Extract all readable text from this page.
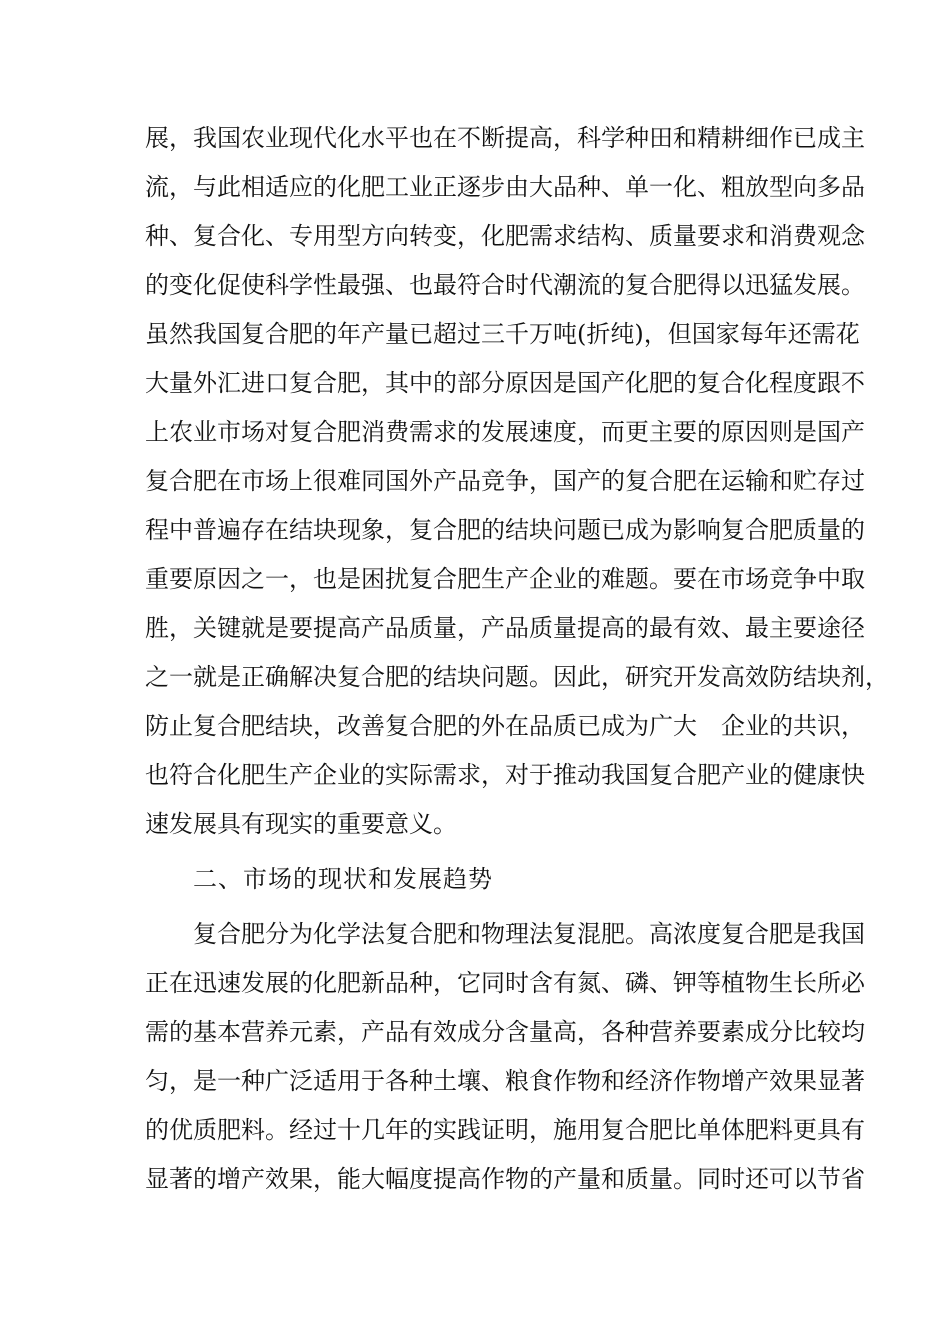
展，我国农业现代化水平也在不断提高，科学种田和精耕细作已成主
流，与此相适应的化肥工业正逐步由大品种、单一化、粗放型向多品
种、复合化、专用型方向转变，化肥需求结构、质量要求和消费观念
的变化促使科学性最强、也最符合时代潮流的复合肥得以迅猛发展。
虽然我国复合肥的年产量已超过三千万吨(折纯)，但国家每年还需花
大量外汇进口复合肥，其中的部分原因是国产化肥的复合化程度跟不
上农业市场对复合肥消费需求的发展速度，而更主要的原因则是国产
复合肥在市场上很难同国外产品竞争，国产的复合肥在运输和贮存过
程中普遍存在结块现象，复合肥的结块问题已成为影响复合肥质量的
重要原因之一，也是困扰复合肥生产企业的难题。要在市场竞争中取
胜，关键就是要提高产品质量，产品质量提高的最有效、最主要途径
之一就是正确解决复合肥的结块问题。因此，研究开发高效防结块剂，
防止复合肥结块，改善复合肥的外在品质已成为广大　企业的共识，
也符合化肥生产企业的实际需求，对于推动我国复合肥产业的健康快
速发展具有现实的重要意义。
二、市场的现状和发展趋势
复合肥分为化学法复合肥和物理法复混肥。高浓度复合肥是我国
正在迅速发展的化肥新品种，它同时含有氮、磷、钾等植物生长所必
需的基本营养元素，产品有效成分含量高，各种营养要素成分比较均
匀，是一种广泛适用于各种土壤、粮食作物和经济作物增产效果显著
的优质肥料。经过十几年的实践证明，施用复合肥比单体肥料更具有
显著的增产效果，能大幅度提高作物的产量和质量。同时还可以节省
